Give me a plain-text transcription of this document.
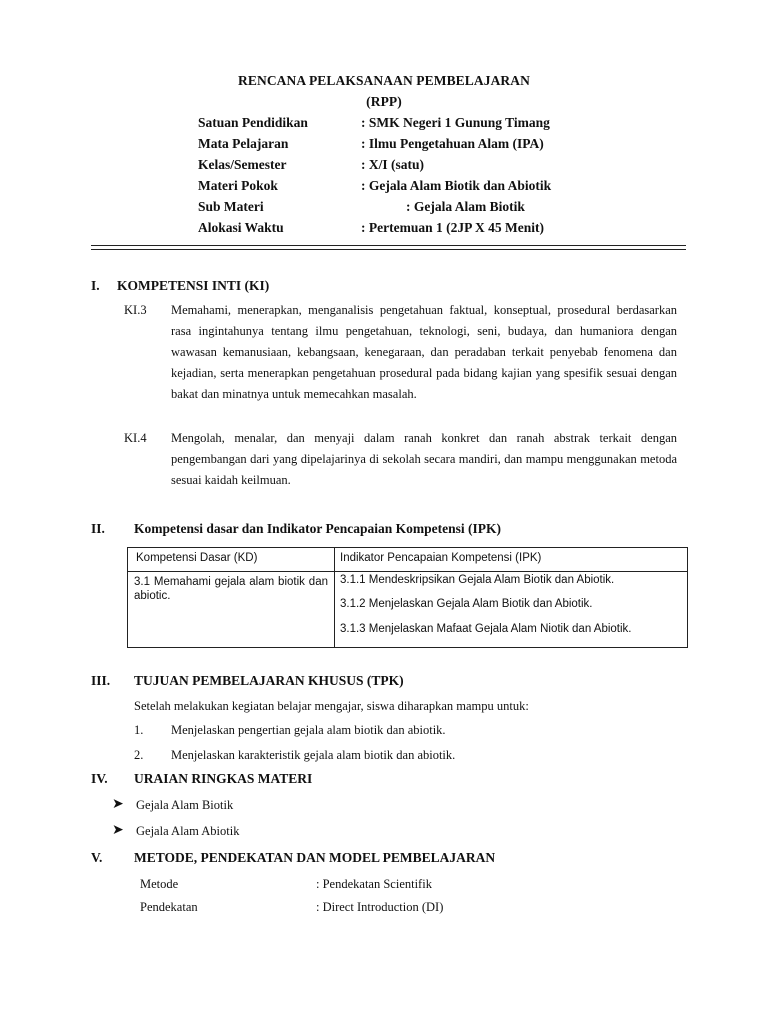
RENCANA PELAKSANAAN PEMBELAJARAN
(RPP)
Satuan Pendidikan	: SMK Negeri 1 Gunung Timang
Mata Pelajaran	: Ilmu Pengetahuan Alam (IPA)
Kelas/Semester	: X/I (satu)
Materi Pokok	: Gejala Alam Biotik dan Abiotik
Sub Materi	: Gejala Alam Biotik
Alokasi Waktu	: Pertemuan 1 (2JP X 45 Menit)
I. KOMPETENSI INTI (KI)
KI.3 Memahami, menerapkan, menganalisis pengetahuan faktual, konseptual, prosedural berdasarkan rasa ingintahunya tentang ilmu pengetahuan, teknologi, seni, budaya, dan humaniora dengan wawasan kemanusiaan, kebangsaan, kenegaraan, dan peradaban terkait penyebab fenomena dan kejadian, serta menerapkan pengetahuan prosedural pada bidang kajian yang spesifik sesuai dengan bakat dan minatnya untuk memecahkan masalah.
KI.4 Mengolah, menalar, dan menyaji dalam ranah konkret dan ranah abstrak terkait dengan pengembangan dari yang dipelajarinya di sekolah secara mandiri, dan mampu menggunakan metoda sesuai kaidah keilmuan.
II. Kompetensi dasar dan Indikator Pencapaian Kompetensi (IPK)
Kompetensi Dasar (KD)	Indikator Pencapaian Kompetensi (IPK)
3.1 Memahami gejala alam biotik dan abiotic.
3.1.1 Mendeskripsikan Gejala Alam Biotik dan Abiotik.
3.1.2 Menjelaskan Gejala Alam Biotik dan Abiotik.
3.1.3 Menjelaskan Mafaat Gejala Alam Niotik dan Abiotik.
III. TUJUAN PEMBELAJARAN KHUSUS (TPK)
Setelah melakukan kegiatan belajar mengajar, siswa diharapkan mampu untuk:
1. Menjelaskan pengertian gejala alam biotik dan abiotik.
2. Menjelaskan karakteristik gejala alam biotik dan abiotik.
IV. URAIAN RINGKAS MATERI
➤ Gejala Alam Biotik
➤ Gejala Alam Abiotik
V. METODE, PENDEKATAN DAN MODEL PEMBELAJARAN
Metode	: Pendekatan Scientifik
Pendekatan	: Direct Introduction (DI)
